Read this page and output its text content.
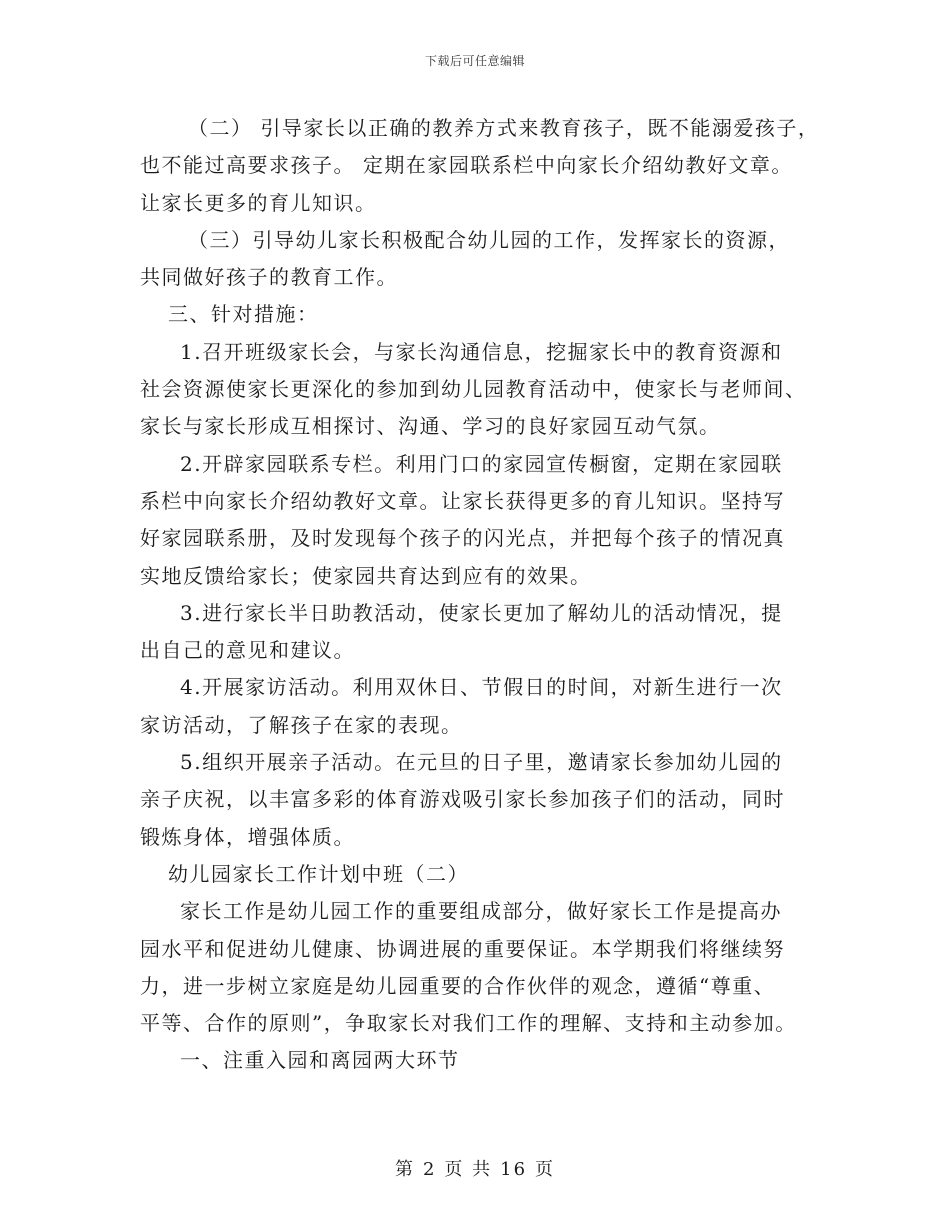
下载后可任意编辑
（二） 引导家长以正确的教养方式来教育孩子，既不能溺爱孩子，
也不能过高要求孩子。 定期在家园联系栏中向家长介绍幼教好文章。
让家长更多的育儿知识。
（三）引导幼儿家长积极配合幼儿园的工作，发挥家长的资源，
共同做好孩子的教育工作。
三、针对措施：
1.召开班级家长会，与家长沟通信息，挖掘家长中的教育资源和
社会资源使家长更深化的参加到幼儿园教育活动中，使家长与老师间、
家长与家长形成互相探讨、沟通、学习的良好家园互动气氛。
2.开辟家园联系专栏。利用门口的家园宣传橱窗，定期在家园联
系栏中向家长介绍幼教好文章。让家长获得更多的育儿知识。坚持写
好家园联系册，及时发现每个孩子的闪光点，并把每个孩子的情况真
实地反馈给家长；使家园共育达到应有的效果。
3.进行家长半日助教活动，使家长更加了解幼儿的活动情况，提
出自己的意见和建议。
4.开展家访活动。利用双休日、节假日的时间，对新生进行一次
家访活动，了解孩子在家的表现。
5.组织开展亲子活动。在元旦的日子里，邀请家长参加幼儿园的
亲子庆祝，以丰富多彩的体育游戏吸引家长参加孩子们的活动，同时
锻炼身体，增强体质。
幼儿园家长工作计划中班（二）
家长工作是幼儿园工作的重要组成部分，做好家长工作是提高办
园水平和促进幼儿健康、协调进展的重要保证。本学期我们将继续努
力，进一步树立家庭是幼儿园重要的合作伙伴的观念，遵循“尊重、
平等、合作的原则”，争取家长对我们工作的理解、支持和主动参加。
一、注重入园和离园两大环节
第 2 页 共 16 页
